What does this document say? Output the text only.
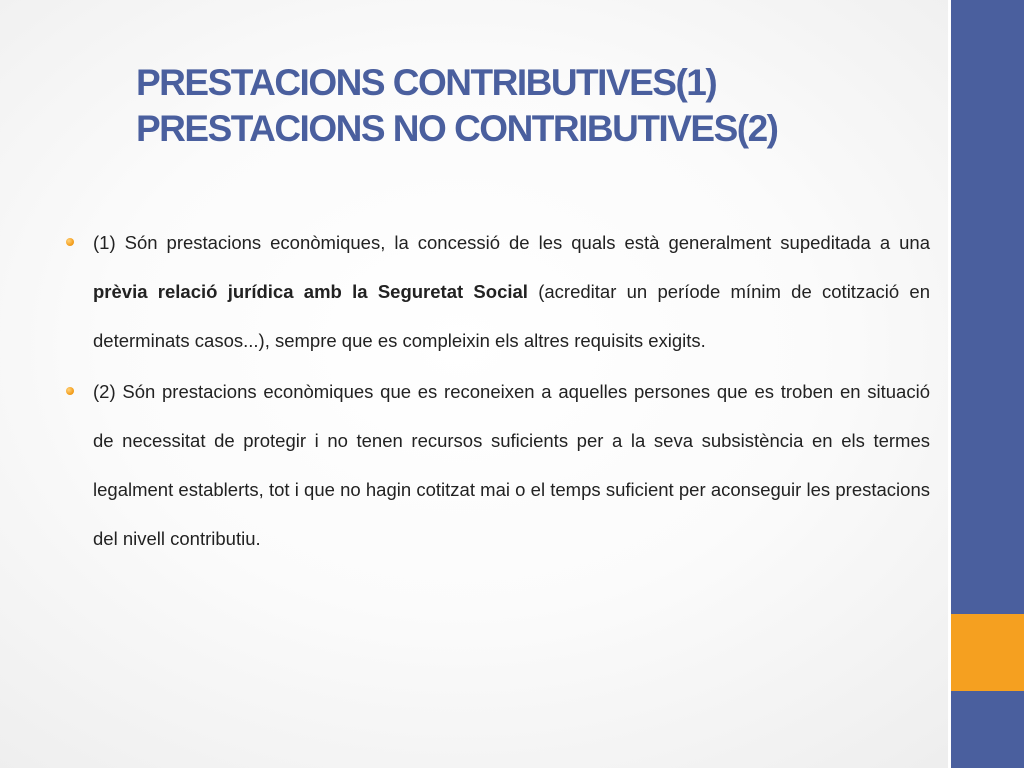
PRESTACIONS CONTRIBUTIVES(1)
PRESTACIONS NO CONTRIBUTIVES(2)
(1) Són prestacions econòmiques, la concessió de les quals està generalment supeditada a una prèvia relació jurídica amb la Seguretat Social (acreditar un període mínim de cotització en determinats casos...), sempre que es compleixin els altres requisits exigits.
(2) Són prestacions econòmiques que es reconeixen a aquelles persones que es troben en situació de necessitat de protegir i no tenen recursos suficients per a la seva subsistència en els termes legalment establerts, tot i que no hagin cotitzat mai o el temps suficient per aconseguir les prestacions del nivell contributiu.
